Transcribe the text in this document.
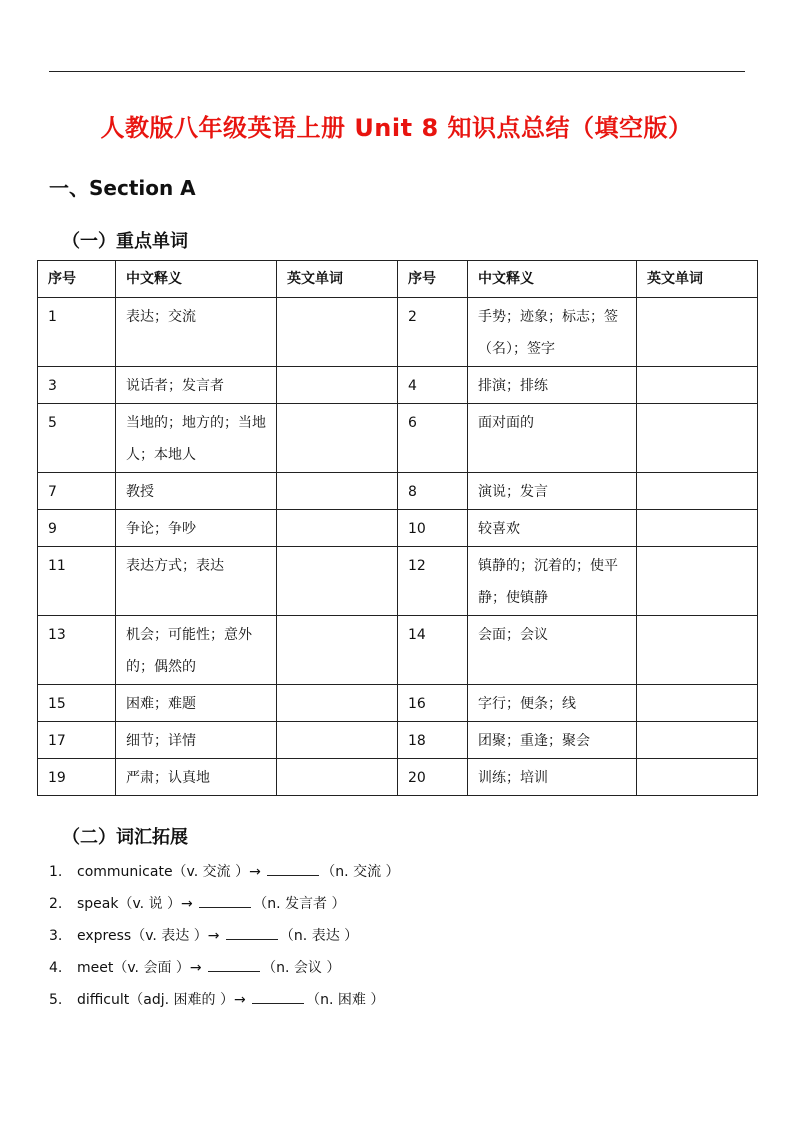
人教版八年级英语上册 Unit 8 知识点总结（填空版）
一、Section A
（一）重点单词
序号	中文释义	英文单词	序号	中文释义	英文单词
1	表达；交流		2	手势；迹象；标志；签（名）；签字	
3	说话者；发言者		4	排演；排练	
5	当地的；地方的；当地人；本地人		6	面对面的	
7	教授		8	演说；发言	
9	争论；争吵		10	较喜欢	
11	表达方式；表达		12	镇静的；沉着的；使平静；使镇静	
13	机会；可能性；意外的；偶然的		14	会面；会议	
15	困难；难题		16	字行；便条；线	
17	细节；详情		18	团聚；重逢；聚会	
19	严肃；认真地		20	训练；培训	
（二）词汇拓展
1. communicate（v. 交流 ）→	（n. 交流 ）
2. speak（v. 说 ）→	（n. 发言者 ）
3. express（v. 表达 ）→	（n. 表达 ）
4. meet（v. 会面 ）→	（n. 会议 ）
5. difficult（adj. 困难的 ）→	（n. 困难 ）
